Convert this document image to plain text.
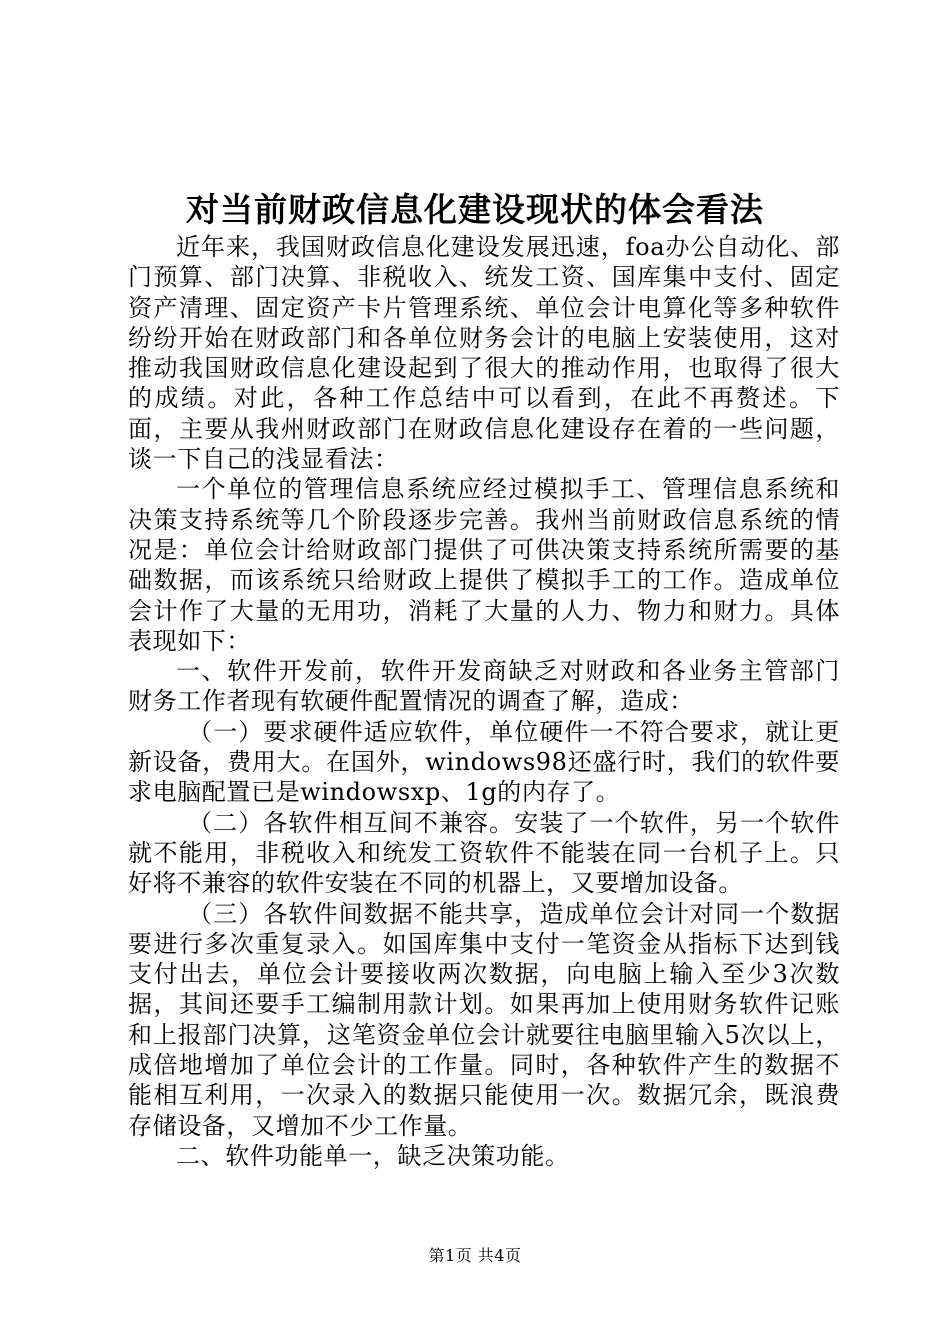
对当前财政信息化建设现状的体会看法

近年来，我国财政信息化建设发展迅速，foa办公自动化、部门预算、部门决算、非税收入、统发工资、国库集中支付、固定资产清理、固定资产卡片管理系统、单位会计电算化等多种软件纷纷开始在财政部门和各单位财务会计的电脑上安装使用，这对推动我国财政信息化建设起到了很大的推动作用，也取得了很大的成绩。对此，各种工作总结中可以看到，在此不再赘述。下面，主要从我州财政部门在财政信息化建设存在着的一些问题，谈一下自己的浅显看法：

一个单位的管理信息系统应经过模拟手工、管理信息系统和决策支持系统等几个阶段逐步完善。我州当前财政信息系统的情况是：单位会计给财政部门提供了可供决策支持系统所需要的基础数据，而该系统只给财政上提供了模拟手工的工作。造成单位会计作了大量的无用功，消耗了大量的人力、物力和财力。具体表现如下：

一、软件开发前，软件开发商缺乏对财政和各业务主管部门财务工作者现有软硬件配置情况的调查了解，造成：

（一）要求硬件适应软件，单位硬件一不符合要求，就让更新设备，费用大。在国外，windows98还盛行时，我们的软件要求电脑配置已是windowsxp、1g的内存了。

（二）各软件相互间不兼容。安装了一个软件，另一个软件就不能用，非税收入和统发工资软件不能装在同一台机子上。只好将不兼容的软件安装在不同的机器上，又要增加设备。

（三）各软件间数据不能共享，造成单位会计对同一个数据要进行多次重复录入。如国库集中支付一笔资金从指标下达到钱支付出去，单位会计要接收两次数据，向电脑上输入至少3次数据，其间还要手工编制用款计划。如果再加上使用财务软件记账和上报部门决算，这笔资金单位会计就要往电脑里输入5次以上，成倍地增加了单位会计的工作量。同时，各种软件产生的数据不能相互利用，一次录入的数据只能使用一次。数据冗余，既浪费存储设备，又增加不少工作量。

二、软件功能单一，缺乏决策功能。

第1页 共4页
